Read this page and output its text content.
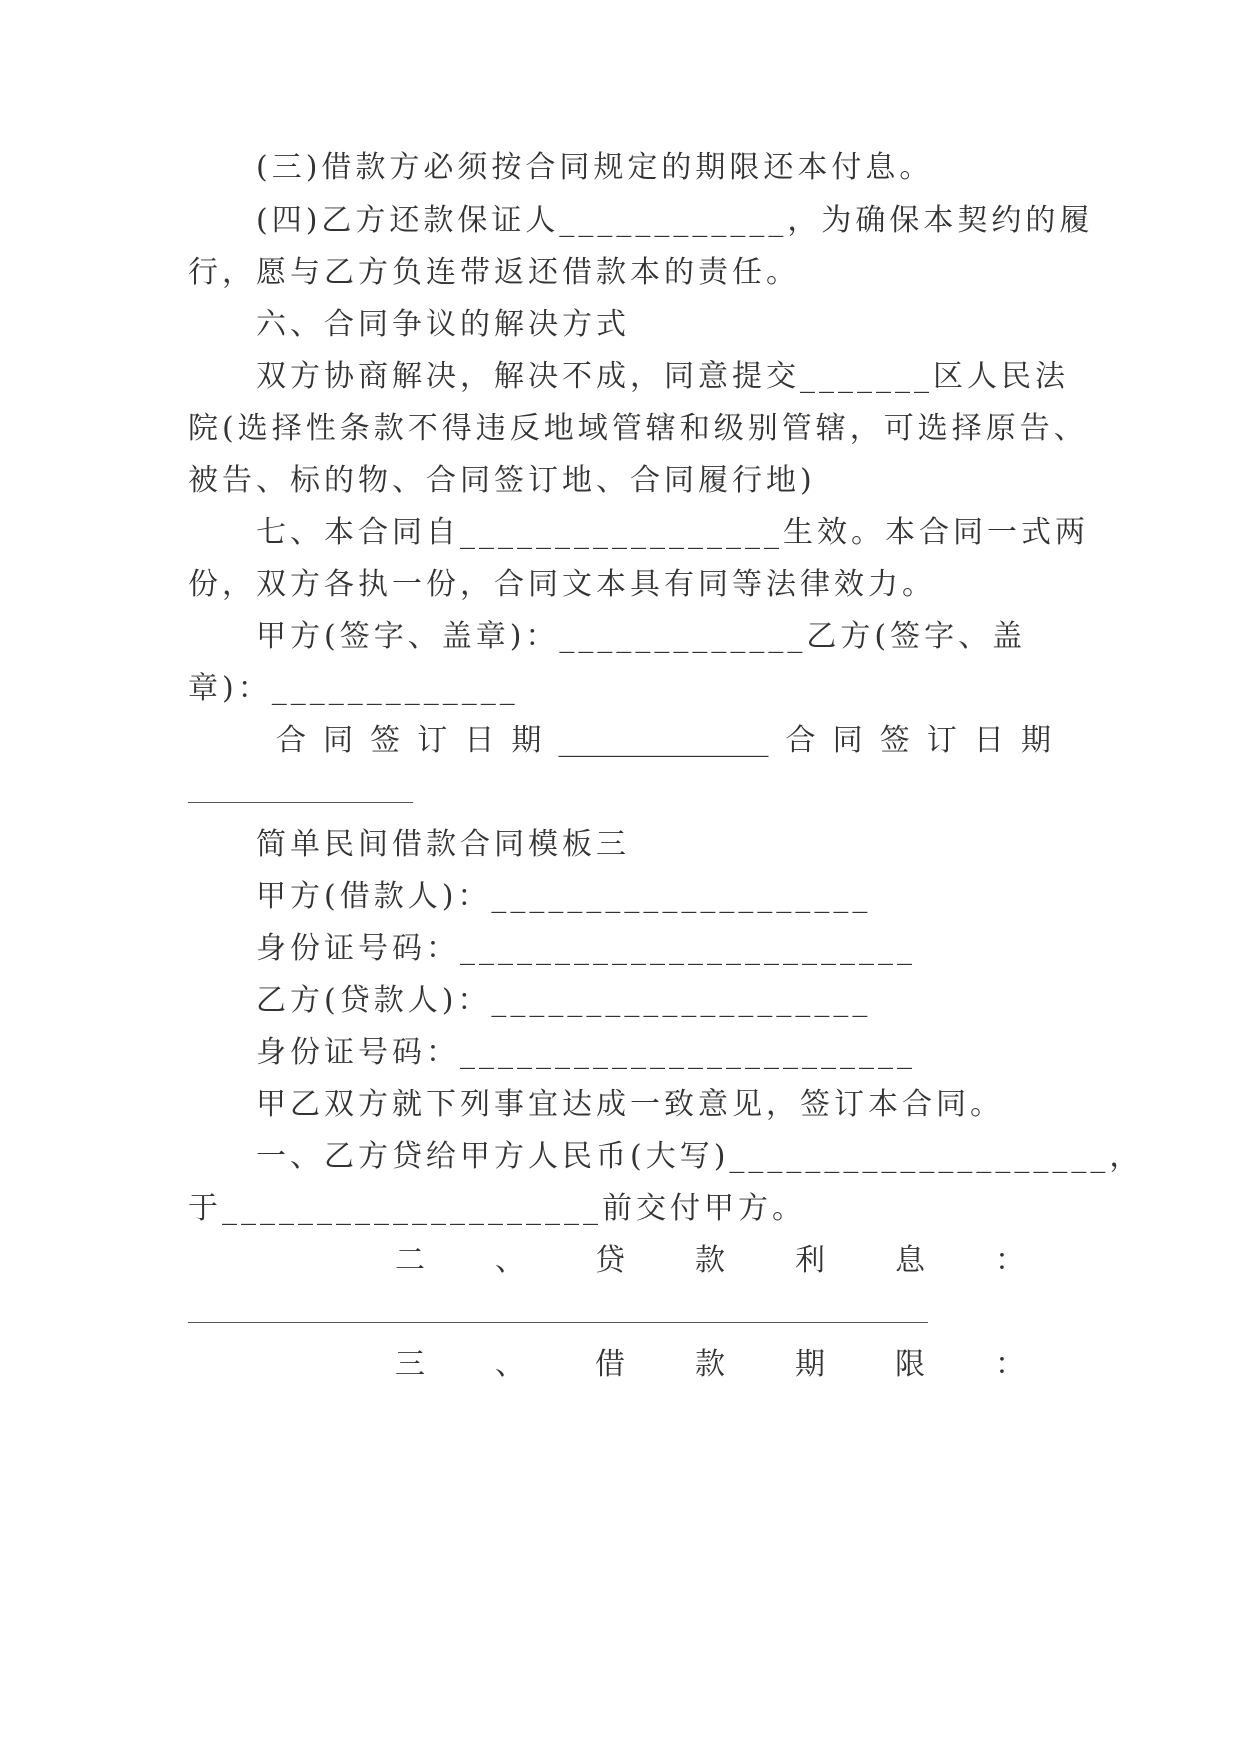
(三)借款方必须按合同规定的期限还本付息。
(四)乙方还款保证人____________，为确保本契约的履
行，愿与乙方负连带返还借款本的责任。
六、合同争议的解决方式
双方协商解决，解决不成，同意提交_______区人民法
院(选择性条款不得违反地域管辖和级别管辖，可选择原告、
被告、标的物、合同签订地、合同履行地)
七、本合同自_________________生效。本合同一式两
份，双方各执一份，合同文本具有同等法律效力。
甲方(签字、盖章)：_____________乙方(签字、盖
章)：_____________
合 同 签 订 日 期 ______________ 合 同 签 订 日 期
简单民间借款合同模板三
甲方(借款人)：____________________
身份证号码：________________________
乙方(贷款人)：____________________
身份证号码：________________________
甲乙双方就下列事宜达成一致意见，签订本合同。
一、乙方贷给甲方人民币(大写)____________________，
于____________________前交付甲方。
二 、 贷 款 利 息 ：
三 、 借 款 期 限 ：
